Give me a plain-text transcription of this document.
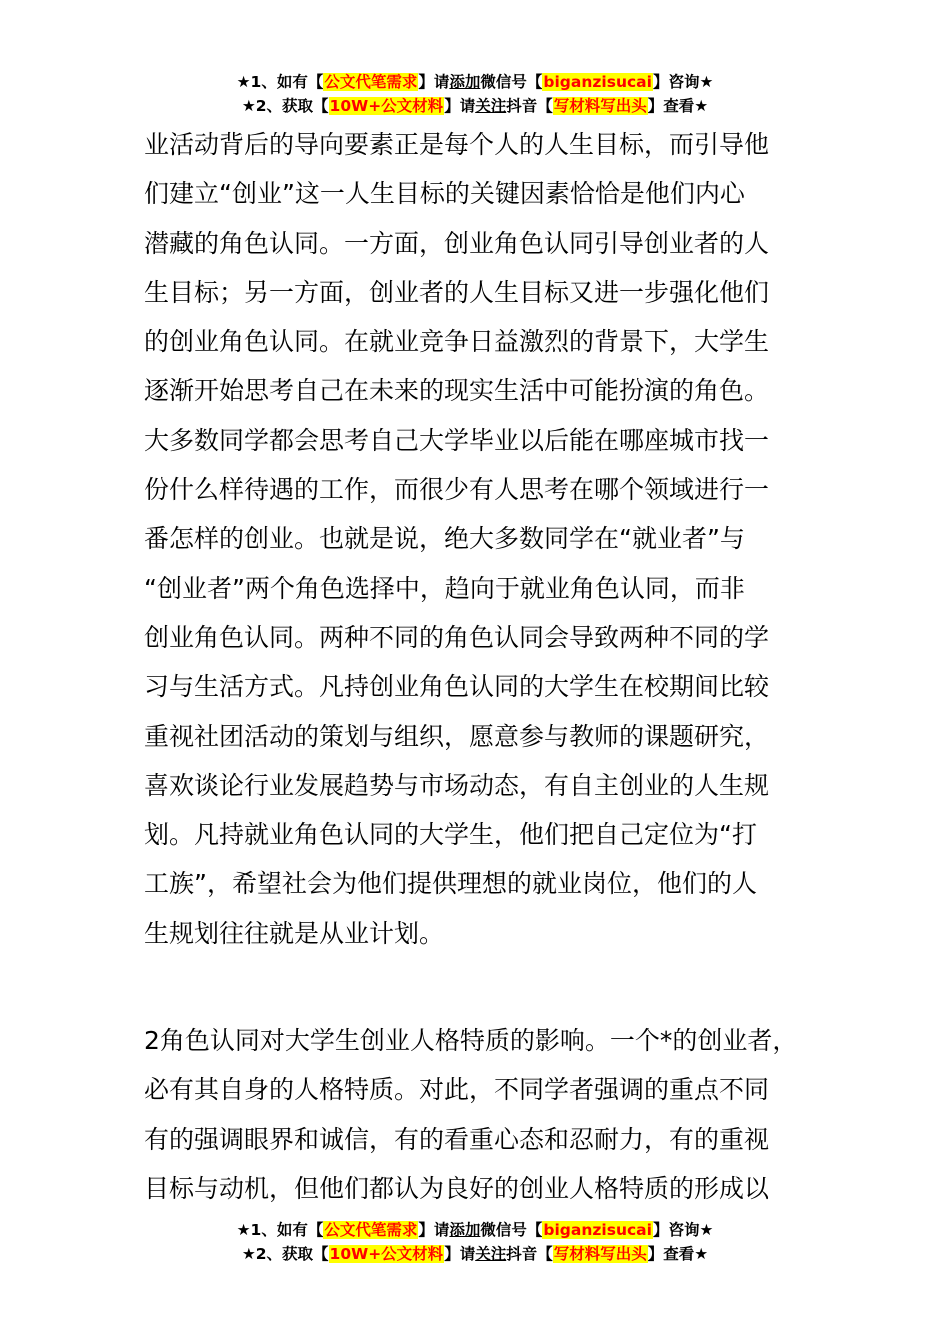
★1、如有【公文代笔需求】请添加微信号【biganzisucai】咨询★
★2、获取【10W+公文材料】请关注抖音【写材料写出头】查看★
业活动背后的导向要素正是每个人的人生目标，而引导他
们建立“创业”这一人生目标的关键因素恰恰是他们内心
潜藏的角色认同。一方面，创业角色认同引导创业者的人
生目标；另一方面，创业者的人生目标又进一步强化他们
的创业角色认同。在就业竞争日益激烈的背景下，大学生
逐渐开始思考自己在未来的现实生活中可能扮演的角色。
大多数同学都会思考自己大学毕业以后能在哪座城市找一
份什么样待遇的工作，而很少有人思考在哪个领域进行一
番怎样的创业。也就是说，绝大多数同学在“就业者”与
“创业者”两个角色选择中，趋向于就业角色认同，而非
创业角色认同。两种不同的角色认同会导致两种不同的学
习与生活方式。凡持创业角色认同的大学生在校期间比较
重视社团活动的策划与组织，愿意参与教师的课题研究，
喜欢谈论行业发展趋势与市场动态，有自主创业的人生规
划。凡持就业角色认同的大学生，他们把自己定位为“打
工族”，希望社会为他们提供理想的就业岗位，他们的人
生规划往往就是从业计划。
2角色认同对大学生创业人格特质的影响。一个*的创业者，
必有其自身的人格特质。对此，不同学者强调的重点不同
有的强调眼界和诚信，有的看重心态和忍耐力，有的重视
目标与动机，但他们都认为良好的创业人格特质的形成以
★1、如有【公文代笔需求】请添加微信号【biganzisucai】咨询★
★2、获取【10W+公文材料】请关注抖音【写材料写出头】查看★
